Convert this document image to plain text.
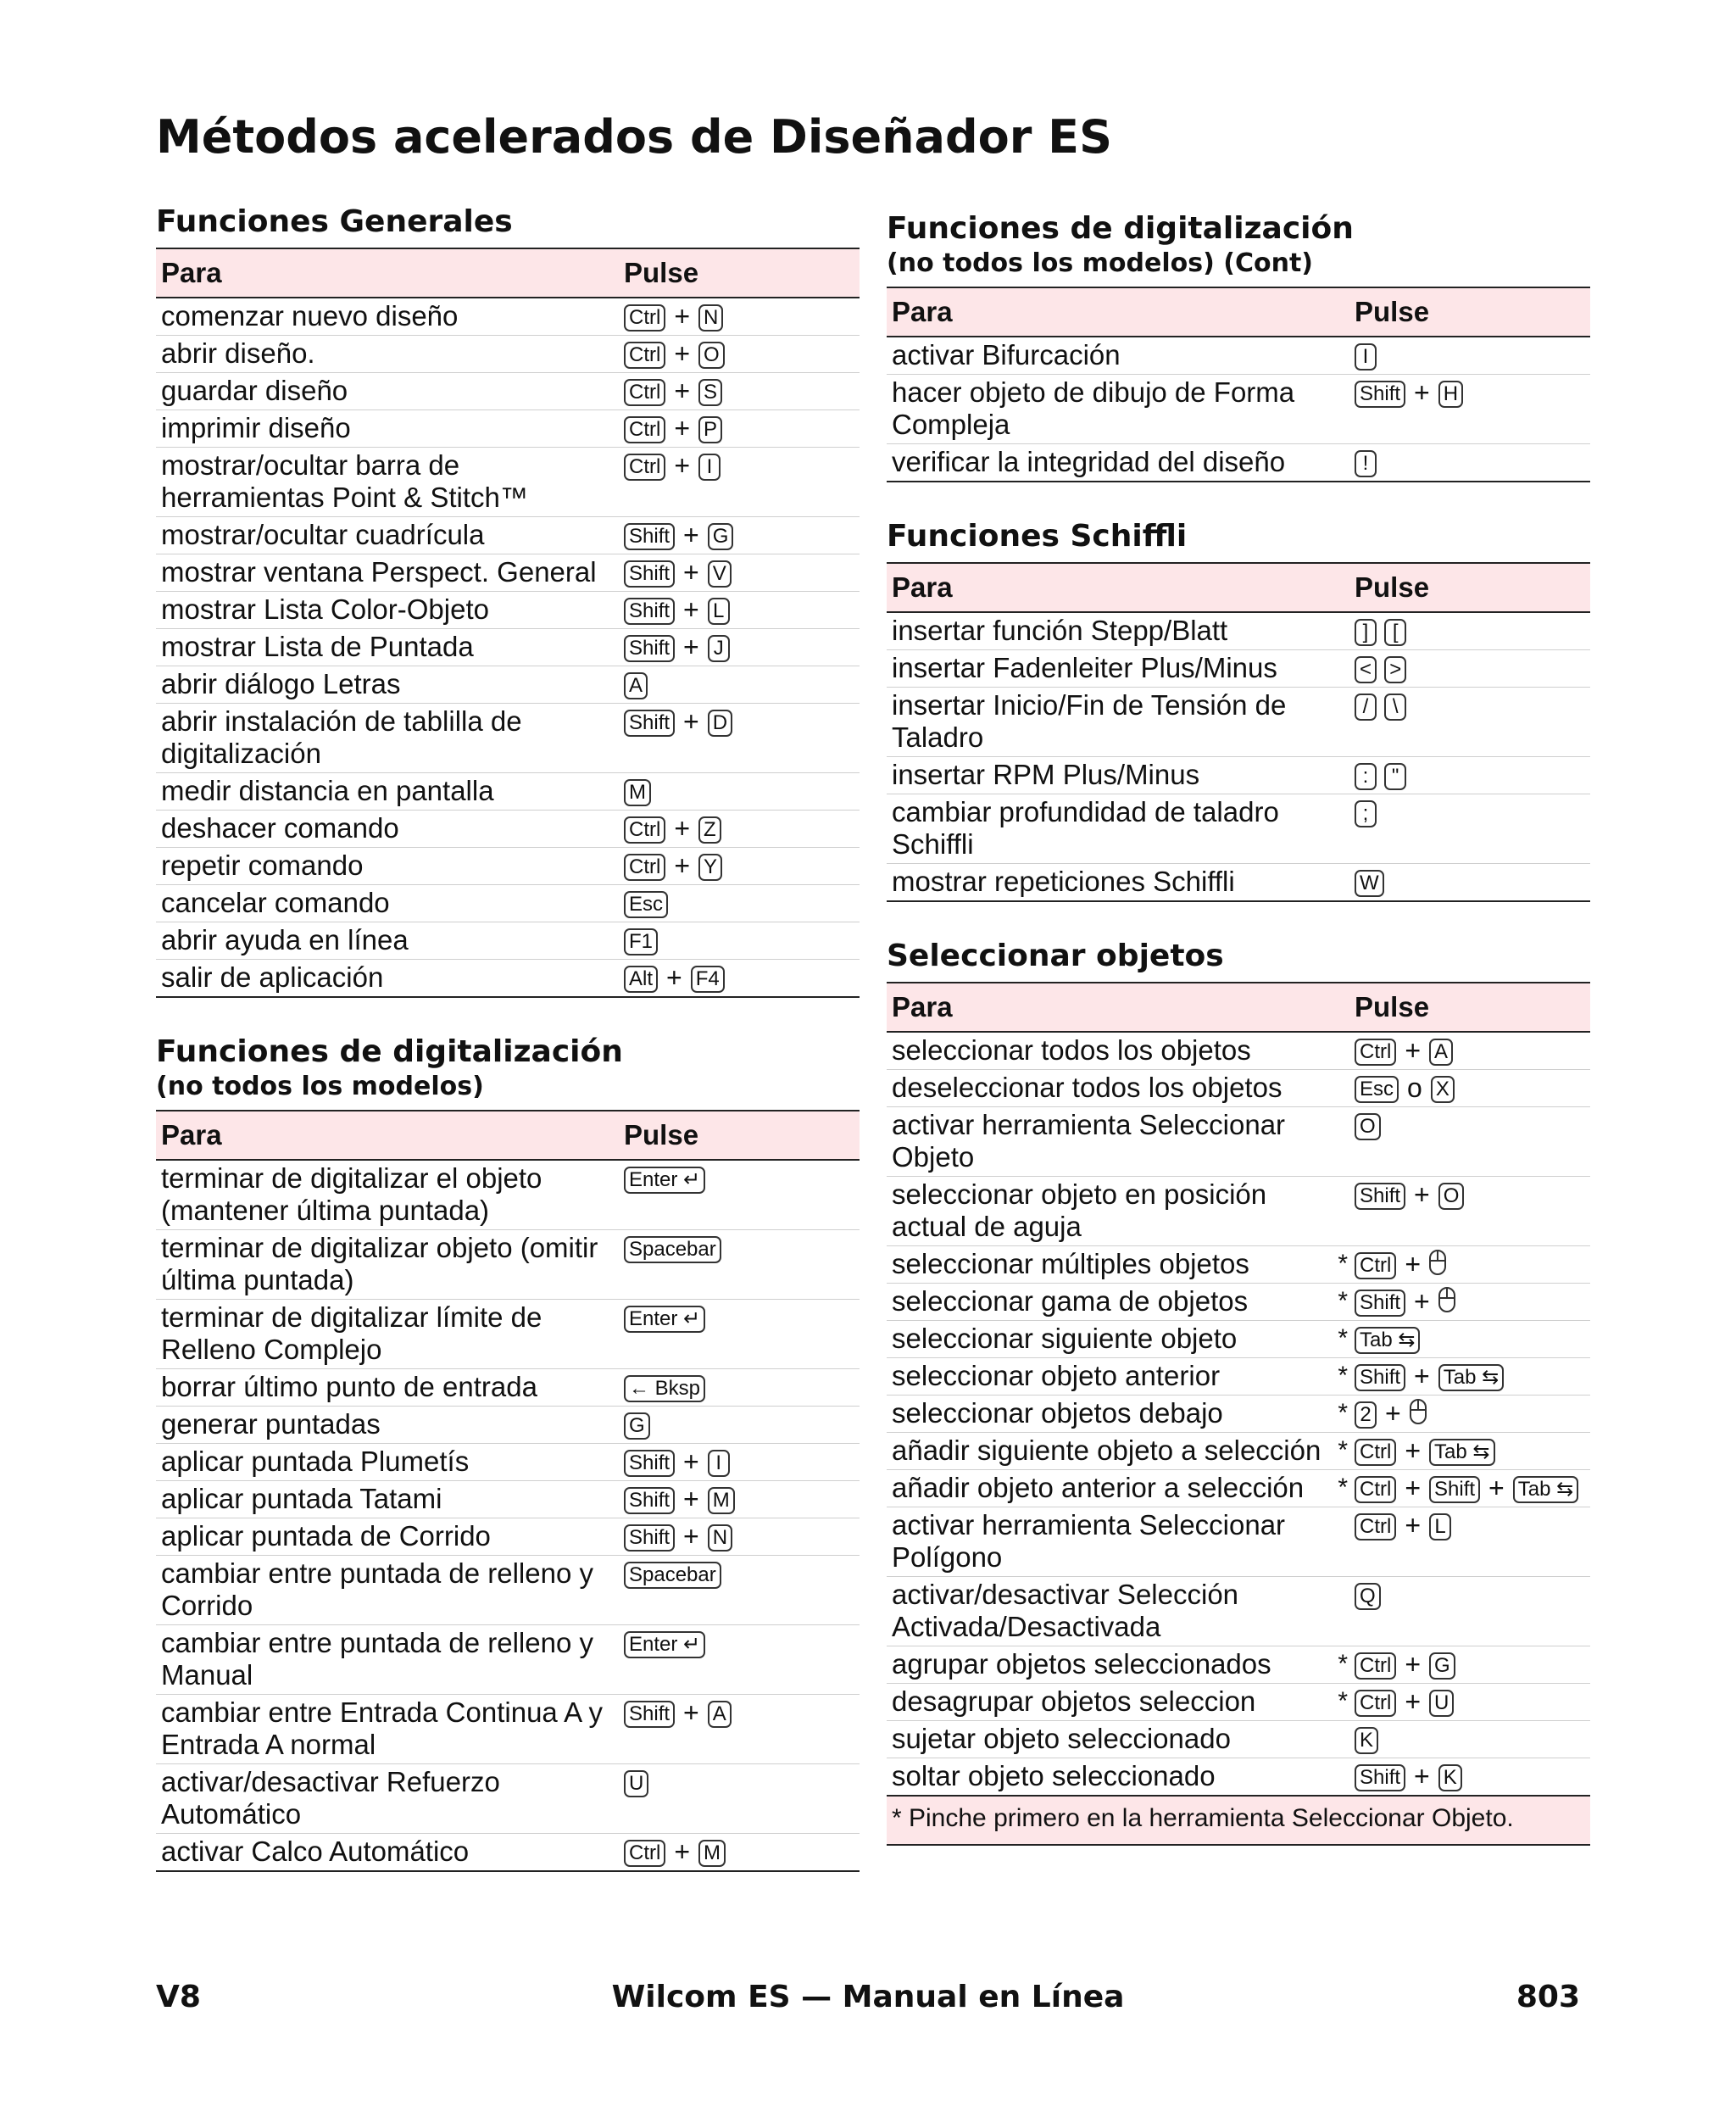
Métodos acelerados de Diseñador ES
Funciones Generales
Para	Pulse
comenzar nuevo diseño	Ctrl + N
abrir diseño.	Ctrl + O
guardar diseño	Ctrl + S
imprimir diseño	Ctrl + P
mostrar/ocultar barra de herramientas Point & Stitch™	Ctrl + I
mostrar/ocultar cuadrícula	Shift + G
mostrar ventana Perspect. General	Shift + V
mostrar Lista Color-Objeto	Shift + L
mostrar Lista de Puntada	Shift + J
abrir diálogo Letras	A
abrir instalación de tablilla de digitalización	Shift + D
medir distancia en pantalla	M
deshacer comando	Ctrl + Z
repetir comando	Ctrl + Y
cancelar comando	Esc
abrir ayuda en línea	F1
salir de aplicación	Alt + F4
Funciones de digitalización
(no todos los modelos)
Para	Pulse
terminar de digitalizar el objeto (mantener última puntada)	Enter ↵
terminar de digitalizar objeto (omitir última puntada)	Spacebar
terminar de digitalizar límite de Relleno Complejo	Enter ↵
borrar último punto de entrada	← Bksp
generar puntadas	G
aplicar puntada Plumetís	Shift + I
aplicar puntada Tatami	Shift + M
aplicar puntada de Corrido	Shift + N
cambiar entre puntada de relleno y Corrido	Spacebar
cambiar entre puntada de relleno y Manual	Enter ↵
cambiar entre Entrada Continua A y Entrada A normal	Shift + A
activar/desactivar Refuerzo Automático	U
activar Calco Automático	Ctrl + M
Funciones de digitalización
(no todos los modelos) (Cont)
Para	Pulse
activar Bifurcación	I
hacer objeto de dibujo de Forma Compleja	Shift + H
verificar la integridad del diseño	!
Funciones Schiffli
Para	Pulse
insertar función Stepp/Blatt	] [
insertar Fadenleiter Plus/Minus	< >
insertar Inicio/Fin de Tensión de Taladro	/ \
insertar RPM Plus/Minus	: "
cambiar profundidad de taladro Schiffli	;
mostrar repeticiones Schiffli	W
Seleccionar objetos
Para	Pulse
seleccionar todos los objetos	Ctrl + A
deseleccionar todos los objetos	Esc o X
activar herramienta Seleccionar Objeto	O
seleccionar objeto en posición actual de aguja	Shift + O
seleccionar múltiples objetos *	Ctrl +
seleccionar gama de objetos *	Shift +
seleccionar siguiente objeto *	Tab ⇆
seleccionar objeto anterior *	Shift + Tab ⇆
seleccionar objetos debajo *	2 +
añadir siguiente objeto a selección *	Ctrl + Tab ⇆
añadir objeto anterior a selección *	Ctrl + Shift + Tab ⇆
activar herramienta Seleccionar Polígono	Ctrl + L
activar/desactivar Selección Activada/Desactivada	Q
agrupar objetos seleccionados *	Ctrl + G
desagrupar objetos seleccion *	Ctrl + U
sujetar objeto seleccionado	K
soltar objeto seleccionado	Shift + K
* Pinche primero en la herramienta Seleccionar Objeto.
V8	Wilcom ES — Manual en Línea	803
